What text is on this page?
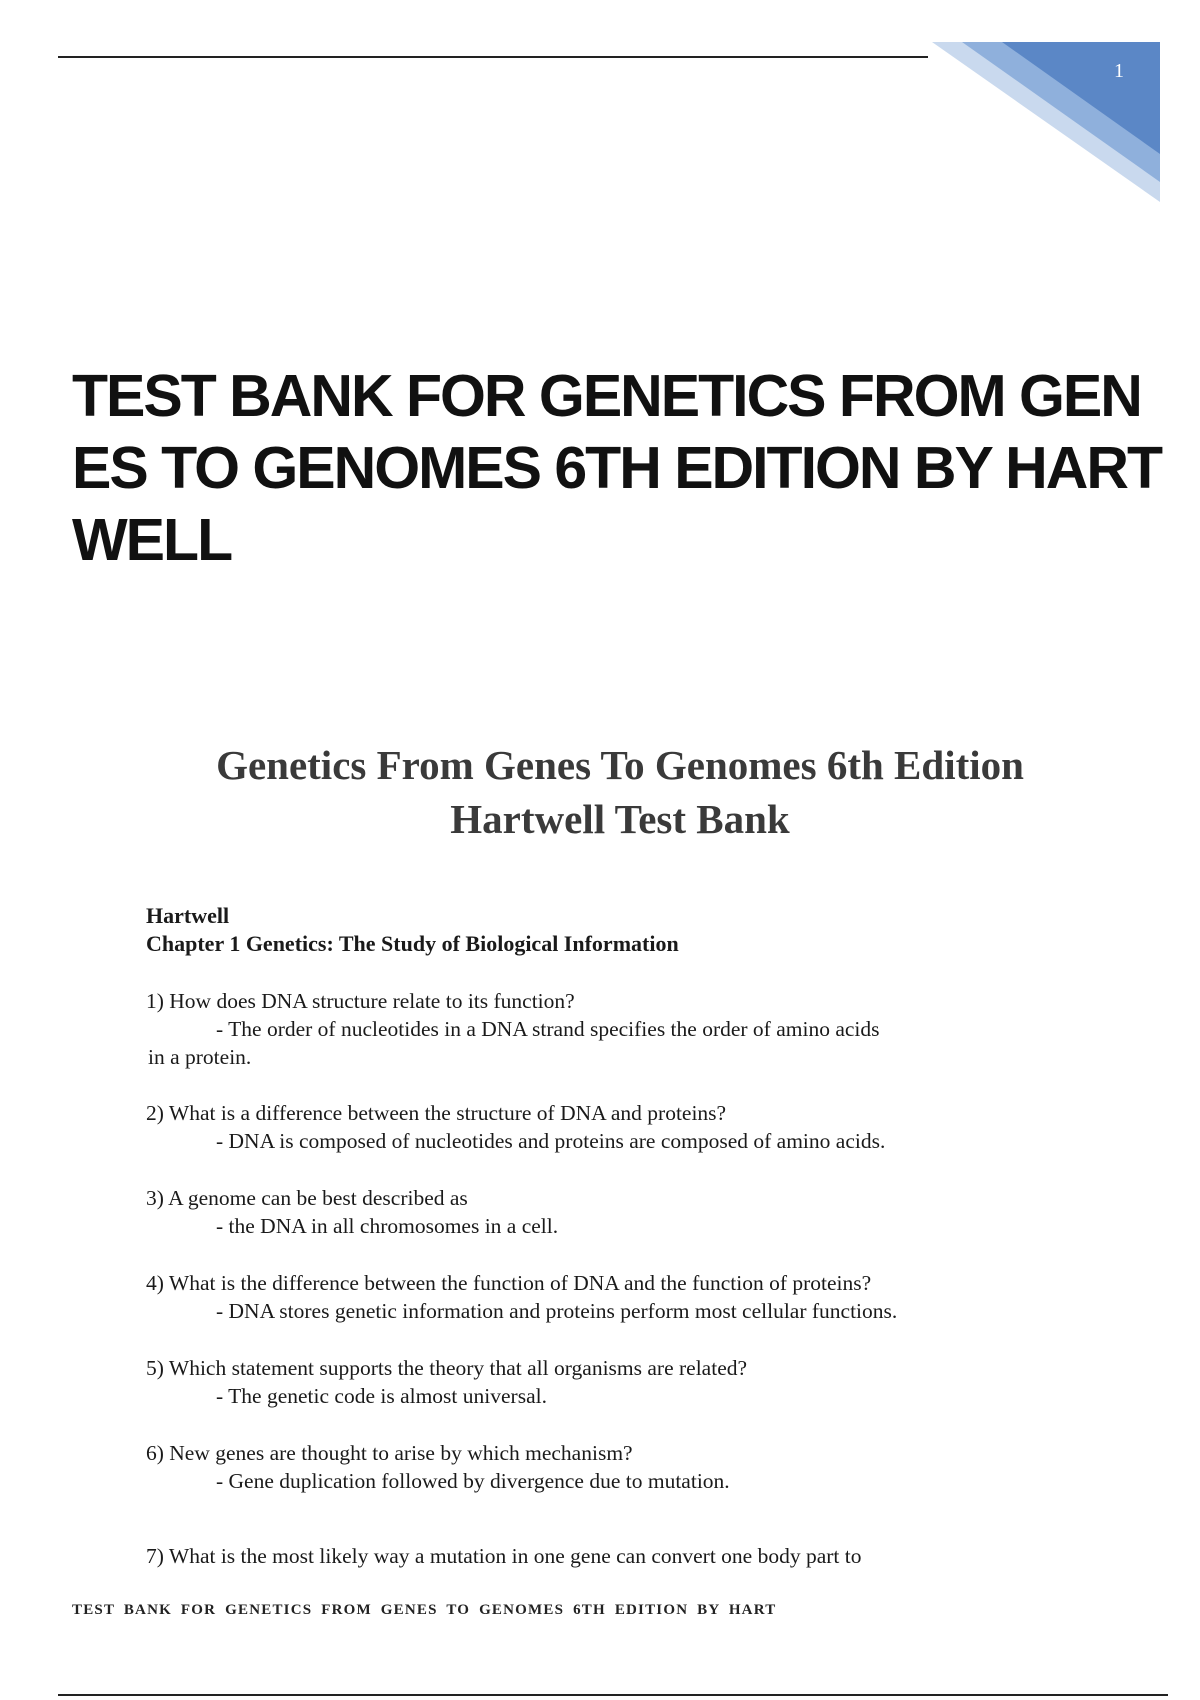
1
TEST BANK FOR GENETICS FROM GENES TO GENOMES 6TH EDITION BY HARTWELL
Genetics From Genes To Genomes 6th Edition
Hartwell Test Bank
Hartwell
Chapter 1 Genetics: The Study of Biological Information

1) How does DNA structure relate to its function?

- The order of nucleotides in a DNA strand specifies the order of amino acids

in a protein.

2) What is a difference between the structure of DNA and proteins?

- DNA is composed of nucleotides and proteins are composed of amino acids.

3) A genome can be best described as

- the DNA in all chromosomes in a cell.

4) What is the difference between the function of DNA and the function of proteins?

- DNA stores genetic information and proteins perform most cellular functions.

5) Which statement supports the theory that all organisms are related?

- The genetic code is almost universal.

6) New genes are thought to arise by which mechanism?

- Gene duplication followed by divergence due to mutation.

7) What is the most likely way a mutation in one gene can convert one body part to

TEST BANK FOR GENETICS FROM GENES TO GENOMES 6TH EDITION BY HART
